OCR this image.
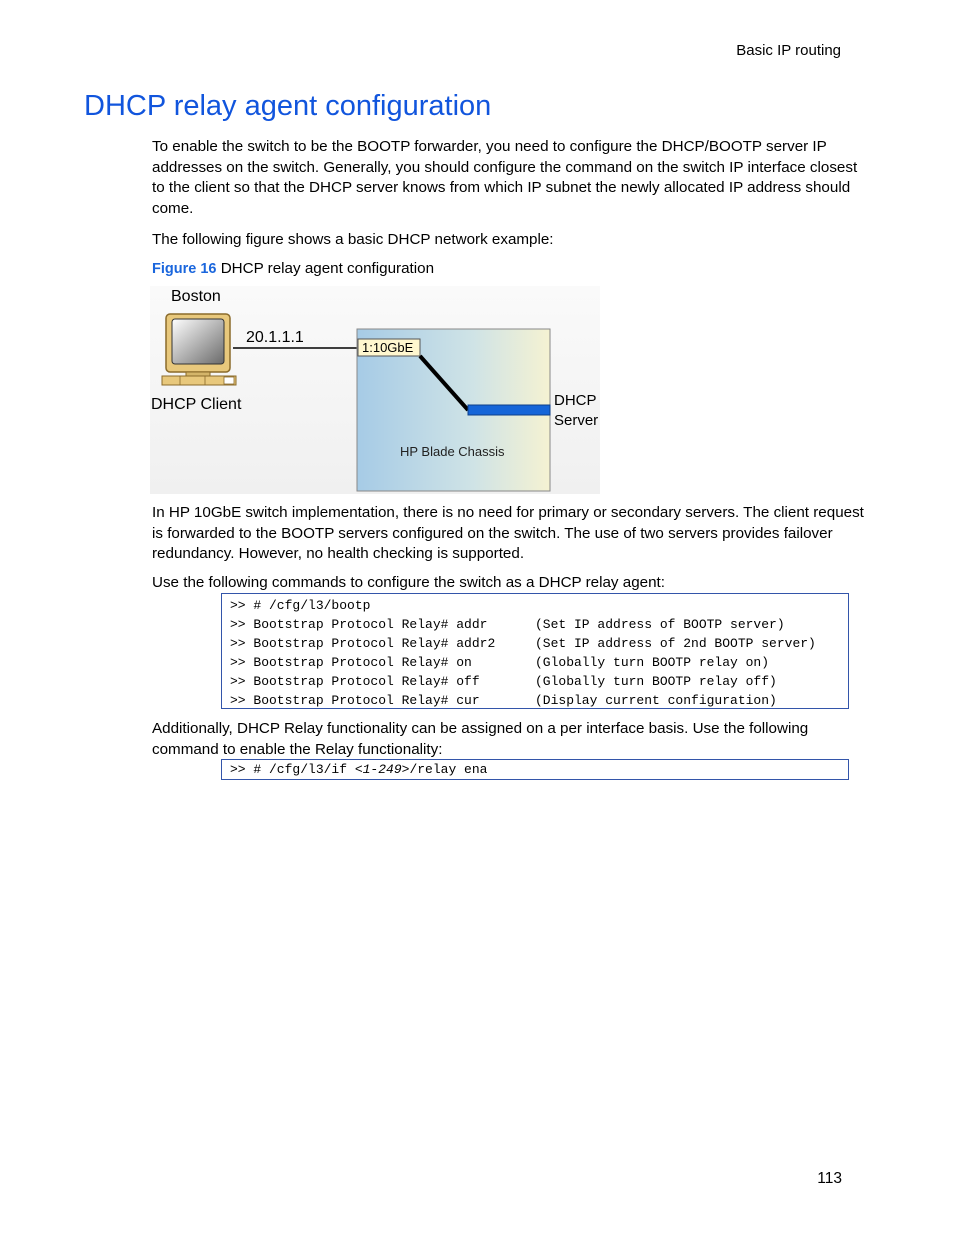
Basic IP routing
DHCP relay agent configuration

To enable the switch to be the BOOTP forwarder, you need to configure the DHCP/BOOTP server IP addresses on the switch. Generally, you should configure the command on the switch IP interface closest to the client so that the DHCP server knows from which IP subnet the newly allocated IP address should come.

The following figure shows a basic DHCP network example:

Figure 16 DHCP relay agent configuration
Boston
DHCP Client
20.1.1.1
1:10GbE
HP Blade Chassis
DHCP
Server

In HP 10GbE switch implementation, there is no need for primary or secondary servers. The client request is forwarded to the BOOTP servers configured on the switch. The use of two servers provides failover redundancy. However, no health checking is supported.

Use the following commands to configure the switch as a DHCP relay agent:

>> # /cfg/l3/bootp
>> Bootstrap Protocol Relay# addr	(Set IP address of BOOTP server)
>> Bootstrap Protocol Relay# addr2	(Set IP address of 2nd BOOTP server)
>> Bootstrap Protocol Relay# on	(Globally turn BOOTP relay on)
>> Bootstrap Protocol Relay# off	(Globally turn BOOTP relay off)
>> Bootstrap Protocol Relay# cur	(Display current configuration)

Additionally, DHCP Relay functionality can be assigned on a per interface basis. Use the following command to enable the Relay functionality:

>> # /cfg/l3/if <1-249>/relay ena
113
